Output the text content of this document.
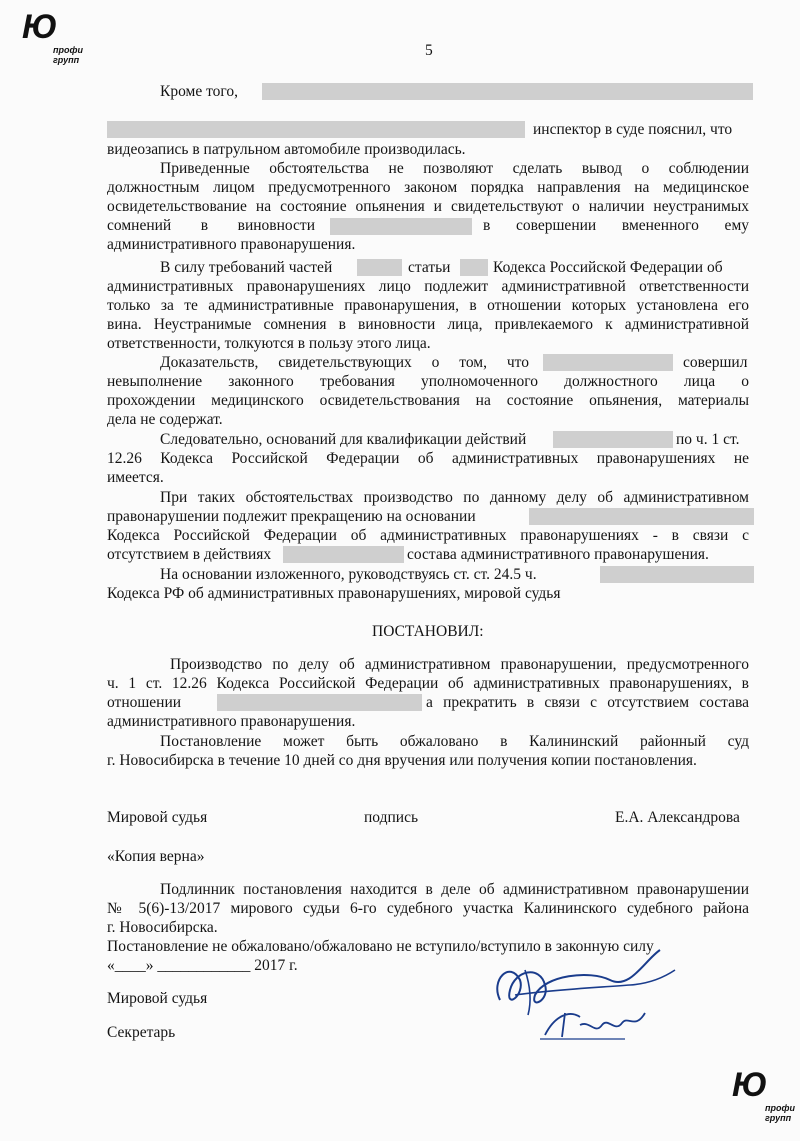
Ю
профи
групп
5
Кроме того,
инспектор в суде пояснил, что
видеозапись в патрульном автомобиле производилась.
Приведенные обстоятельства не позволяют сделать вывод о соблюдении
должностным лицом предусмотренного законом порядка направления на медицинское
освидетельствование на состояние опьянения и свидетельствуют о наличии неустранимых
сомнений в виновности	в совершении вмененного ему
административного правонарушения.
В силу требований частей	статьи	Кодекса Российской Федерации об
административных правонарушениях лицо подлежит административной ответственности
только за те административные правонарушения, в отношении которых установлена его
вина. Неустранимые сомнения в виновности лица, привлекаемого к административной
ответственности, толкуются в пользу этого лица.
Доказательств, свидетельствующих о том, что	совершил
невыполнение законного требования уполномоченного должностного лица о
прохождении медицинского освидетельствования на состояние опьянения, материалы
дела не содержат.
Следовательно, оснований для квалификации действий	по ч. 1 ст.
12.26 Кодекса Российской Федерации об административных правонарушениях не
имеется.
При таких обстоятельствах производство по данному делу об административном
правонарушении подлежит прекращению на основании
Кодекса Российской Федерации об административных правонарушениях - в связи с
отсутствием в действиях	состава административного правонарушения.
На основании изложенного, руководствуясь ст. ст. 24.5 ч.
Кодекса РФ об административных правонарушениях, мировой судья
ПОСТАНОВИЛ:
Производство по делу об административном правонарушении, предусмотренного
ч. 1 ст. 12.26 Кодекса Российской Федерации об административных правонарушениях, в
отношении	а прекратить в связи с отсутствием состава
административного правонарушения.
Постановление может быть обжаловано в Калининский районный суд
г. Новосибирска в течение 10 дней со дня вручения или получения копии постановления.
Мировой судья	подпись	Е.А. Александрова
«Копия верна»
Подлинник постановления находится в деле об административном правонарушении
№ 5(6)-13/2017 мирового судьи 6-го судебного участка Калининского судебного района
г. Новосибирска.
Постановление не обжаловано/обжаловано не вступило/вступило в законную силу
«____» ____________ 2017 г.
Мировой судья
Секретарь
Ю
профи
групп
